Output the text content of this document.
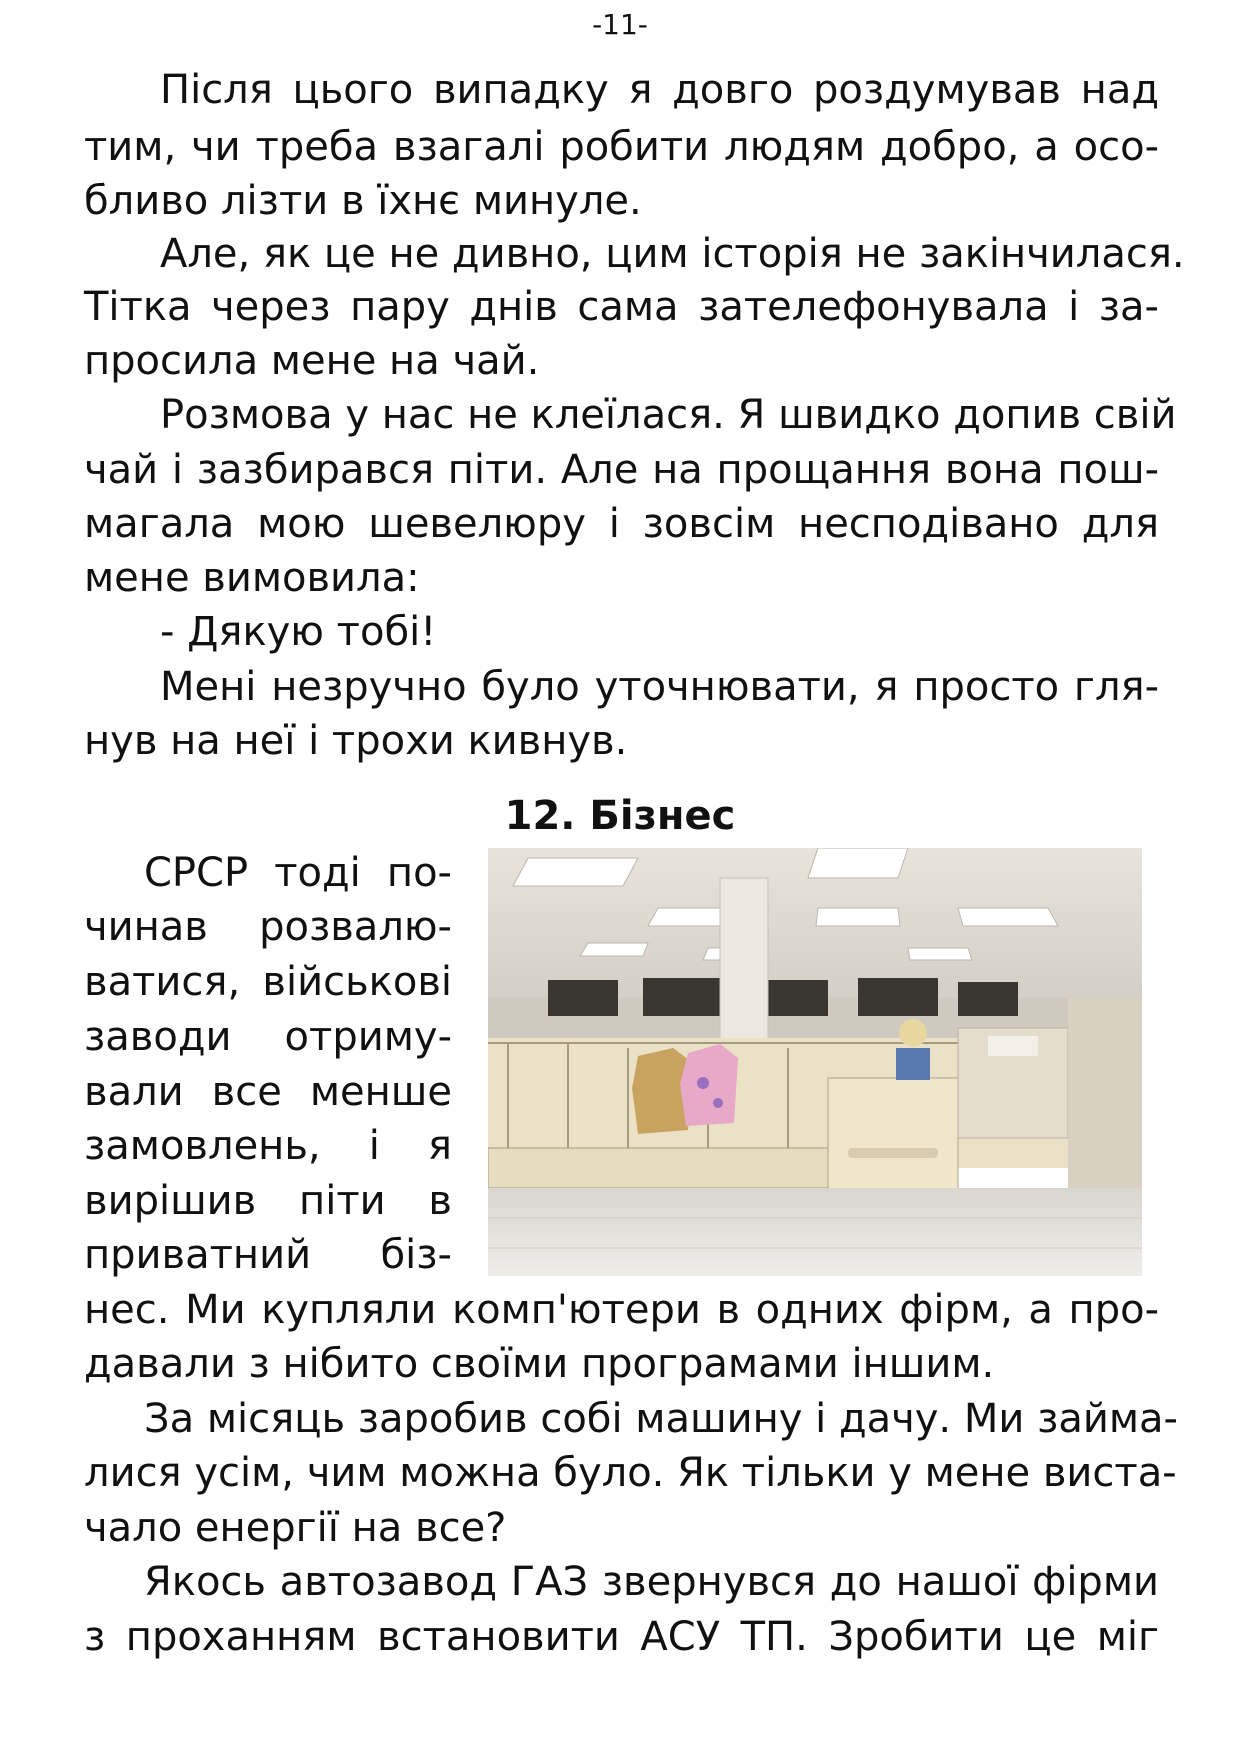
-11-
Після цього випадку я довго роздумував над
тим, чи треба взагалі робити людям добро, а осо-
бливо лізти в їхнє минуле.
Але, як це не дивно, цим історія не закінчилася.
Тітка через пару днів сама зателефонувала і за-
просила мене на чай.
Розмова у нас не клеїлася. Я швидко допив свій
чай і зазбирався піти. Але на прощання вона пош-
магала мою шевелюру і зовсім несподівано для
мене вимовила:
- Дякую тобі!
Мені незручно було уточнювати, я просто гля-
нув на неї і трохи кивнув.
12. Бізнес
СРСР тоді по-
чинав розвалю-
ватися, військові
заводи отриму-
вали все менше
замовлень, і я
вирішив піти в
приватний біз-
нес. Ми купляли комп'ютери в одних фірм, а про-
давали з нібито своїми програмами іншим.
За місяць заробив собі машину і дачу. Ми займа-
лися усім, чим можна було. Як тільки у мене виста-
чало енергії на все?
Якось автозавод ГАЗ звернувся до нашої фірми
з проханням встановити АСУ ТП. Зробити це міг
